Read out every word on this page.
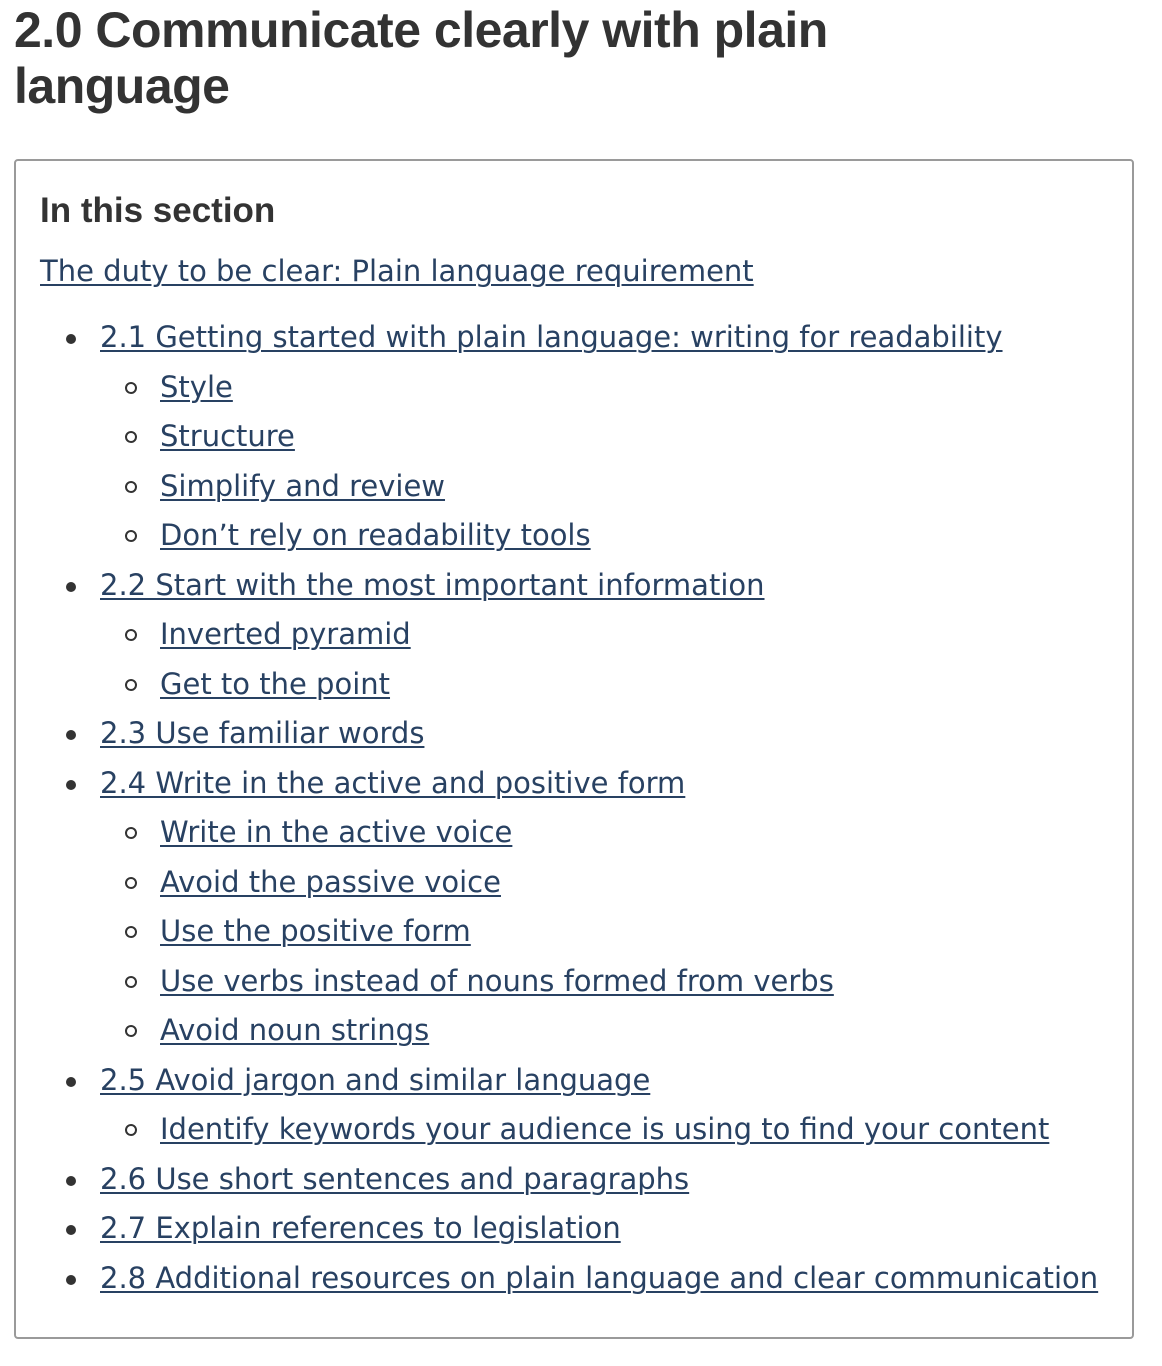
2.0 Communicate clearly with plain language
In this section
The duty to be clear: Plain language requirement
2.1 Getting started with plain language: writing for readability
Style
Structure
Simplify and review
Don’t rely on readability tools
2.2 Start with the most important information
Inverted pyramid
Get to the point
2.3 Use familiar words
2.4 Write in the active and positive form
Write in the active voice
Avoid the passive voice
Use the positive form
Use verbs instead of nouns formed from verbs
Avoid noun strings
2.5 Avoid jargon and similar language
Identify keywords your audience is using to find your content
2.6 Use short sentences and paragraphs
2.7 Explain references to legislation
2.8 Additional resources on plain language and clear communication
